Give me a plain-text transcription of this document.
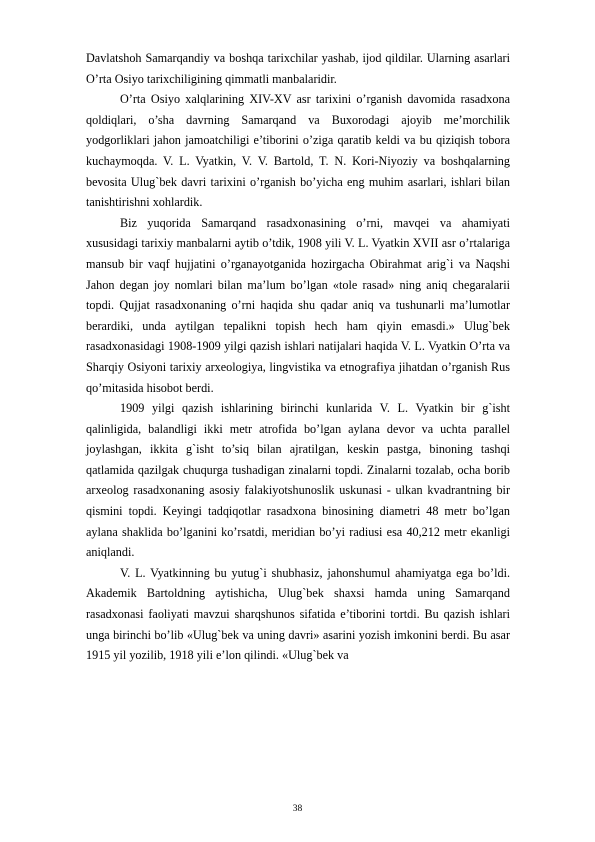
Davlatshoh Samarqandiy va boshqa tarixchilar yashab, ijod qildilar. Ularning asarlari O’rta Osiyo tarixchiligining qimmatli manbalaridir.

O’rta Osiyo xalqlarining XIV-XV asr tarixini o’rganish davomida rasadxona qoldiqlari, o’sha davrning Samarqand va Buxorodagi ajoyib me’morchilik yodgorliklari jahon jamoatchiligi e’tiborini o’ziga qaratib keldi va bu qiziqish tobora kuchaymoqda. V. L. Vyatkin, V. V. Bartold, T. N. Kori-Niyoziy va boshqalarning bevosita Ulug`bek davri tarixini o’rganish bo’yicha eng muhim asarlari, ishlari bilan tanishtirishni xohlardik.

Biz yuqorida Samarqand rasadxonasining o’rni, mavqei va ahamiyati xususidagi tarixiy manbalarni aytib o’tdik, 1908 yili V. L. Vyatkin XVII asr o’rtalariga mansub bir vaqf hujjatini o’rganayotganida hozirgacha Obirahmat arig`i va Naqshi Jahon degan joy nomlari bilan ma’lum bo’lgan «tole rasad» ning aniq chegaralarii topdi. Qujjat rasadxonaning o’rni haqida shu qadar aniq va tushunarli ma’lumotlar berardiki, unda aytilgan tepalikni topish hech ham qiyin emasdi.» Ulug`bek rasadxonasidagi 1908-1909 yilgi qazish ishlari natijalari haqida V. L. Vyatkin O’rta va Sharqiy Osiyoni tarixiy arxeologiya, lingvistika va etnografiya jihatdan o’rganish Rus qo’mitasida hisobot berdi.

1909 yilgi qazish ishlarining birinchi kunlarida V. L. Vyatkin bir g`isht qalinligida, balandligi ikki metr atrofida bo’lgan aylana devor va uchta parallel joylashgan, ikkita g`isht to’siq bilan ajratilgan, keskin pastga, binoning tashqi qatlamida qazilgak chuqurga tushadigan zinalarni topdi. Zinalarni tozalab, ocha borib arxeolog rasadxonaning asosiy falakiyotshunoslik uskunasi - ulkan kvadrantning bir qismini topdi. Keyingi tadqiqotlar rasadxona binosining diametri 48 metr bo’lgan aylana shaklida bo’lganini ko’rsatdi, meridian bo’yi radiusi esa 40,212 metr ekanligi aniqlandi.

V. L. Vyatkinning bu yutug`i shubhasiz, jahonshumul ahamiyatga ega bo’ldi. Akademik Bartoldning aytishicha, Ulug`bek shaxsi hamda uning Samarqand rasadxonasi faoliyati mavzui sharqshunos sifatida e’tiborini tortdi. Bu qazish ishlari unga birinchi bo’lib «Ulug`bek va uning davri» asarini yozish imkonini berdi. Bu asar 1915 yil yozilib, 1918 yili e’lon qilindi. «Ulug`bek va

38
